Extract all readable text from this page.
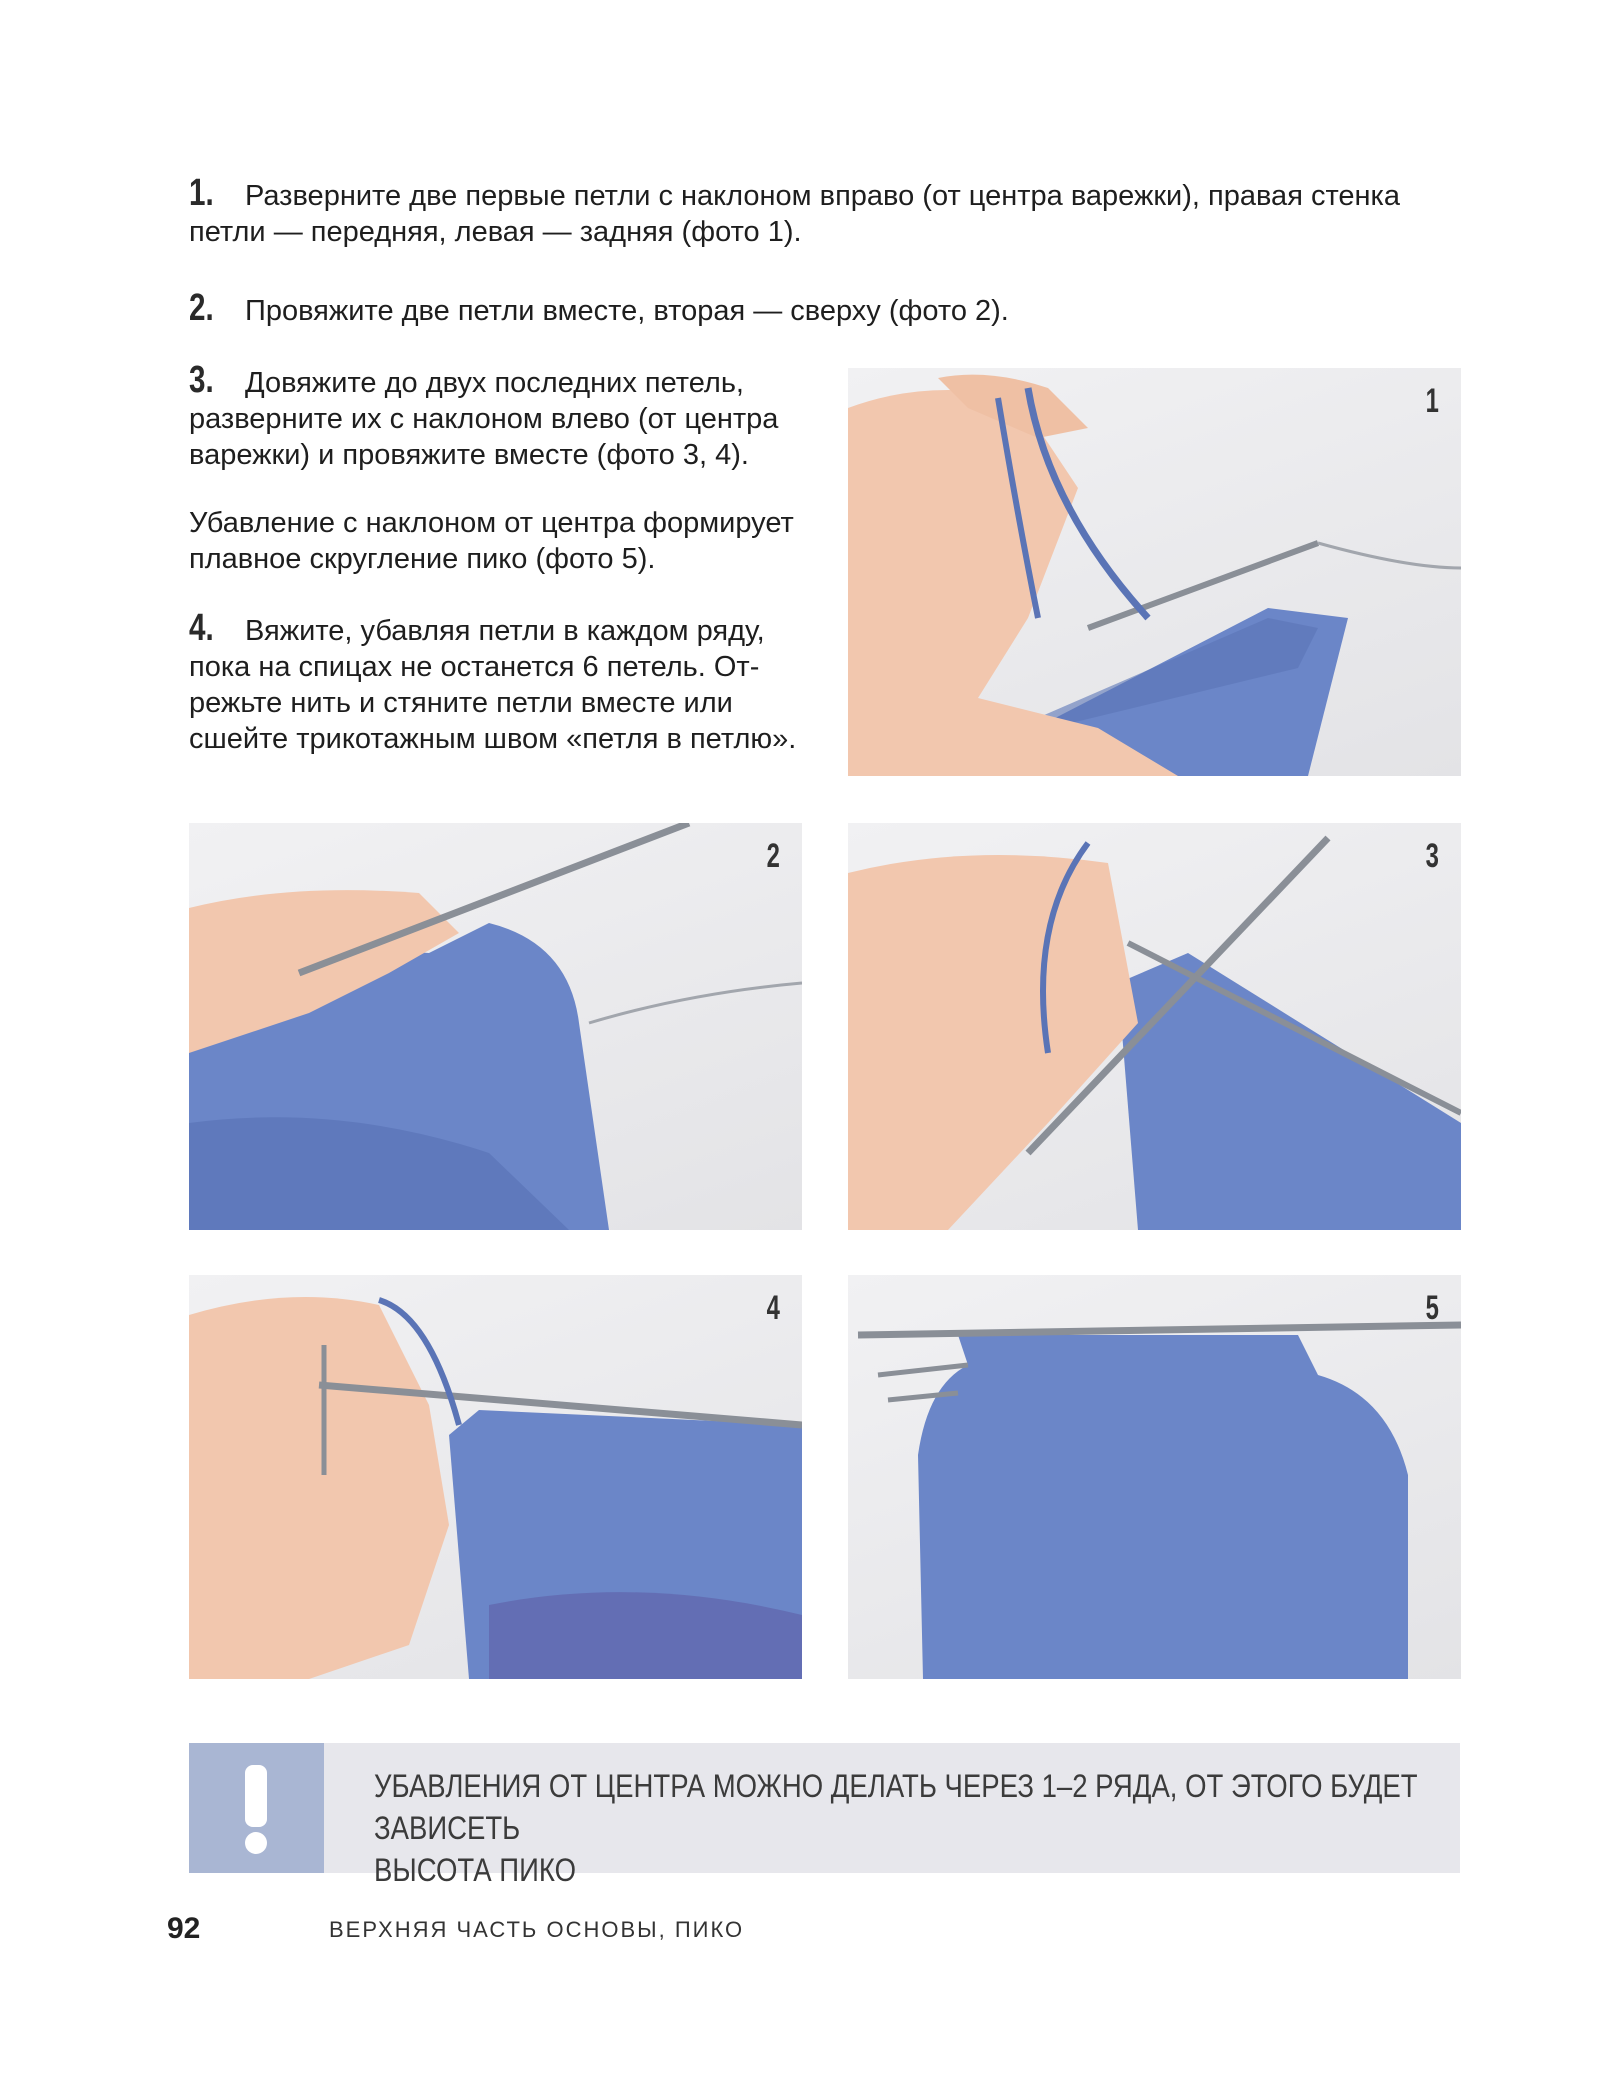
1. Разверните две первые петли с наклоном вправо (от центра варежки), правая стенка
петли — передняя, левая — задняя (фото 1).
2. Провяжите две петли вместе, вторая — сверху (фото 2).
3. Довяжите до двух последних петель,
разверните их с наклоном влево (от центра
варежки) и провяжите вместе (фото 3, 4).
Убавление с наклоном от центра формирует
плавное скругление пико (фото 5).
4. Вяжите, убавляя петли в каждом ряду,
пока на спицах не останется 6 петель. От-
режьте нить и стяните петли вместе или
сшейте трикотажным швом «петля в петлю».
1
2	3
4	5
УБАВЛЕНИЯ ОТ ЦЕНТРА МОЖНО ДЕЛАТЬ ЧЕРЕЗ 1–2 РЯДА, ОТ ЭТОГО БУДЕТ ЗАВИСЕТЬ
ВЫСОТА ПИКО
92	ВЕРХНЯЯ ЧАСТЬ ОСНОВЫ, ПИКО
